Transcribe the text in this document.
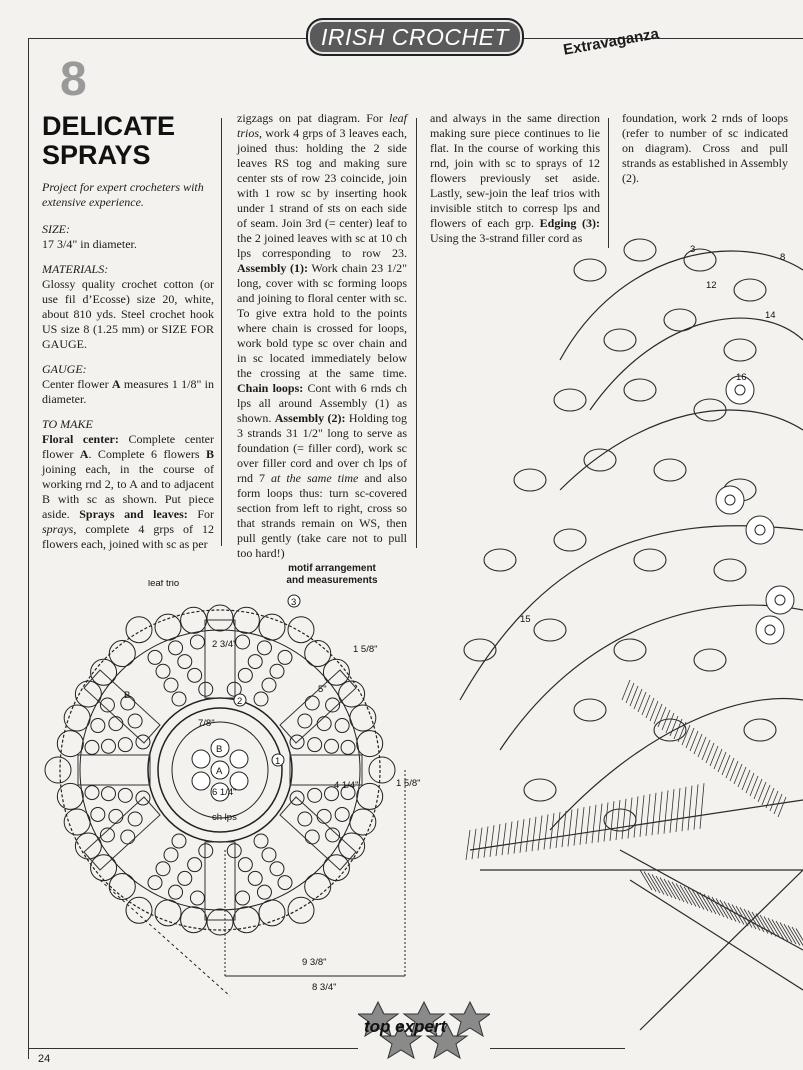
IRISH CROCHET	Extravaganza
8
DELICATE SPRAYS

Project for expert crocheters with extensive experience.

SIZE:

17 3/4" in diameter.

MATERIALS:

Glossy quality crochet cotton (or use fil d’Ecosse) size 20, white, about 810 yds. Steel crochet hook US size 8 (1.25 mm) or SIZE FOR GAUGE.

GAUGE:

Center flower A measures 1 1/8" in diameter.

TO MAKE

Floral center: Complete center flower A. Complete 6 flowers B joining each, in the course of working rnd 2, to A and to adjacent B with sc as shown. Put piece aside. Sprays and leaves: For sprays, complete 4 grps of 12 flowers each, joined with sc as per

zigzags on pat diagram. For leaf trios, work 4 grps of 3 leaves each, joined thus: holding the 2 side leaves RS tog and making sure center sts of row 23 coincide, join with 1 row sc by inserting hook under 1 strand of sts on each side of seam. Join 3rd (= center) leaf to the 2 joined leaves with sc at 10 ch lps corresponding to row 23. Assembly (1): Work chain 23 1/2" long, cover with sc forming loops and joining to floral center with sc. To give extra hold to the points where chain is crossed for loops, work bold type sc over chain and in sc located immediately below the crossing at the same time. Chain loops: Cont with 6 rnds ch lps all around Assembly (1) as shown. Assembly (2): Holding tog 3 strands 31 1/2" long to serve as foundation (= filler cord), work sc over filler cord and over ch lps of rnd 7 at the same time and also form loops thus: turn sc-covered section from left to right, cross so that strands remain on WS, then pull gently (take care not to pull too hard!)

and always in the same direction making sure piece continues to lie flat. In the course of working this rnd, join with sc to sprays of 12 flowers previously set aside. Lastly, sew-join the leaf trios with invisible stitch to corresp lps and flowers of each grp. Edging (3): Using the 3-strand filler cord as

foundation, work 2 rnds of loops (refer to number of sc indicated on diagram). Cross and pull strands as established in Assembly (2).

motif arrangement and measurements
1
2
3
A
B
B
leaf trio
2 3/4"	1 5/8"
5"
7/8"
4 1/4"	1 5/8"
6 1/4"
ch lps
9 3/8"
8 3/4"
3
8
12
14
16
15
top expert
24
